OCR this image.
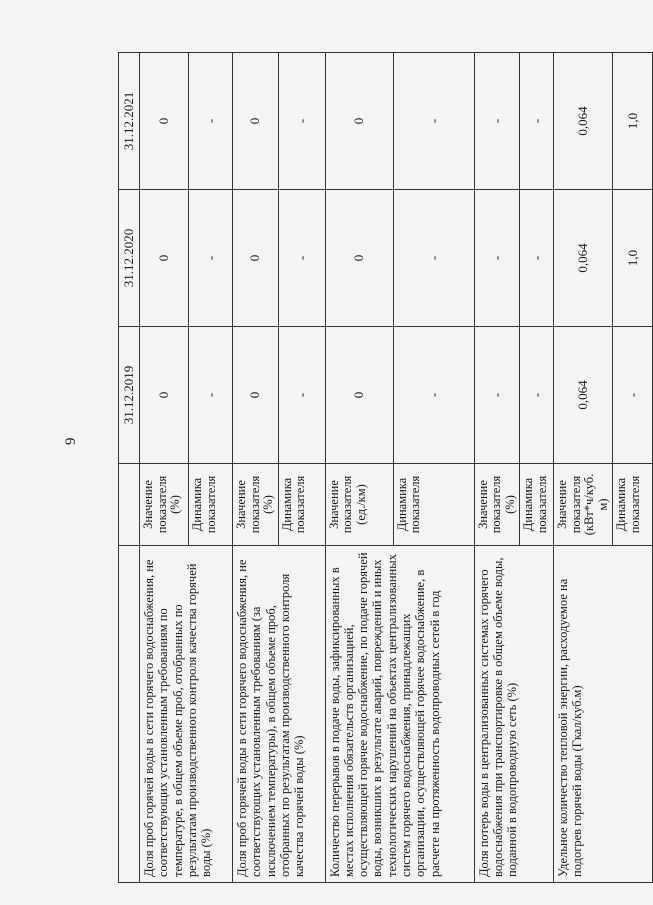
9
		31.12.2019	31.12.2020	31.12.2021
Доля проб горячей воды в сети горячего водоснабжения, не соответствующих установленным требованиям по температуре, в общем объеме проб, отобранных по результатам производственного контроля качества горячей воды (%)	Значение показателя (%)	0	0	0
	Динамика показателя	-	-	-
Доля проб горячей воды в сети горячего водоснабжения, не соответствующих установленным требованиям (за исключением температуры), в общем объеме проб, отобранных по результатам производственного контроля качества горячей воды (%)	Значение показателя (%)	0	0	0
	Динамика показателя	-	-	-
Количество перерывов в подаче воды, зафиксированных в местах исполнения обязательств организацией, осуществляющей горячее водоснабжение, по подаче горячей воды, возникших в результате аварий, повреждений и иных технологических нарушений на объектах централизованных систем горячего водоснабжения, принадлежащих организации, осуществляющей горячее водоснабжение, в расчете на протяженность водопроводных сетей в год	Значение показателя (ед./км)	0	0	0
	Динамика показателя	-	-	-
Доля потерь воды в централизованных системах горячего водоснабжения при транспортировке в общем объеме воды, поданной в водопроводную сеть (%)	Значение показателя (%)	-	-	-
	Динамика показателя	-	-	-
Удельное количество тепловой энергии, расходуемое на подогрев горячей воды (Гкал/куб.м)	Значение показателя (кВт*ч/куб. м)	0,064	0,064	0,064
	Динамика показателя	-	1,0	1,0
